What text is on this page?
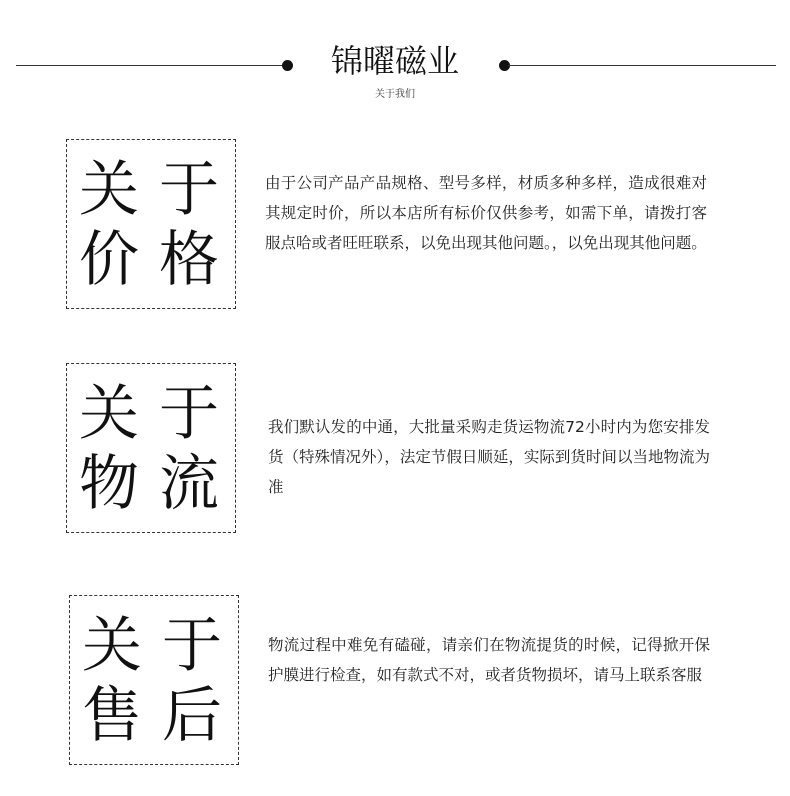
锦曜磁业
关于我们
关 于
价 格
由于公司产品产品规格、型号多样，材质多种多样，造成很难对其规定时价，所以本店所有标价仅供参考，如需下单，请拨打客服点哈或者旺旺联系，以免出现其他问题。，以免出现其他问题。
关 于
物 流
我们默认发的中通，大批量采购走货运物流72小时内为您安排发货（特殊情况外），法定节假日顺延，实际到货时间以当地物流为准
关 于
售 后
物流过程中难免有磕碰，请亲们在物流提货的时候，记得掀开保护膜进行检查，如有款式不对，或者货物损坏，请马上联系客服
